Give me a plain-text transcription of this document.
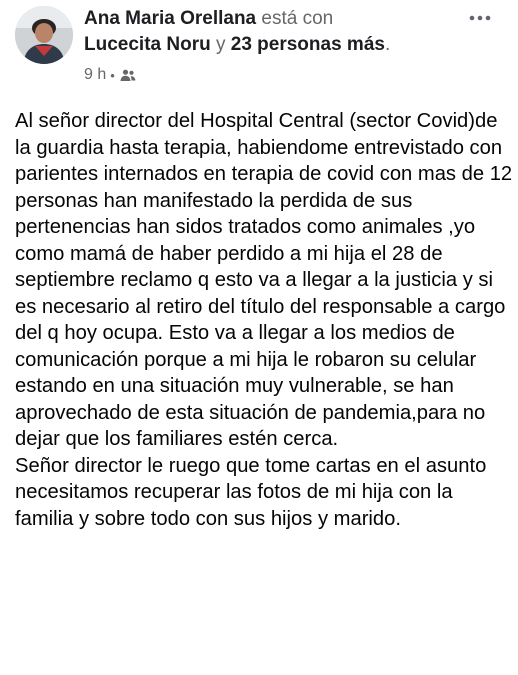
Ana Maria Orellana está con
Lucecita Noru y 23 personas más.
9 h •
Al señor director del Hospital Central (sector Covid)de la guardia hasta terapia, habiendome entrevistado con parientes internados en terapia de covid con mas de 12 personas han manifestado la perdida de sus pertenencias han sidos tratados como animales ,yo como mamá de haber perdido a mi hija el 28 de septiembre reclamo q esto va a llegar a la justicia y si es necesario al retiro del título del responsable a cargo del q hoy ocupa. Esto va a llegar a los medios de comunicación porque a mi hija le robaron su celular estando en una situación muy vulnerable, se han aprovechado de esta situación de pandemia,para no dejar que los familiares estén cerca.
Señor director le ruego que tome cartas en el asunto necesitamos recuperar las fotos de mi hija con la familia y sobre todo con sus hijos y marido.
